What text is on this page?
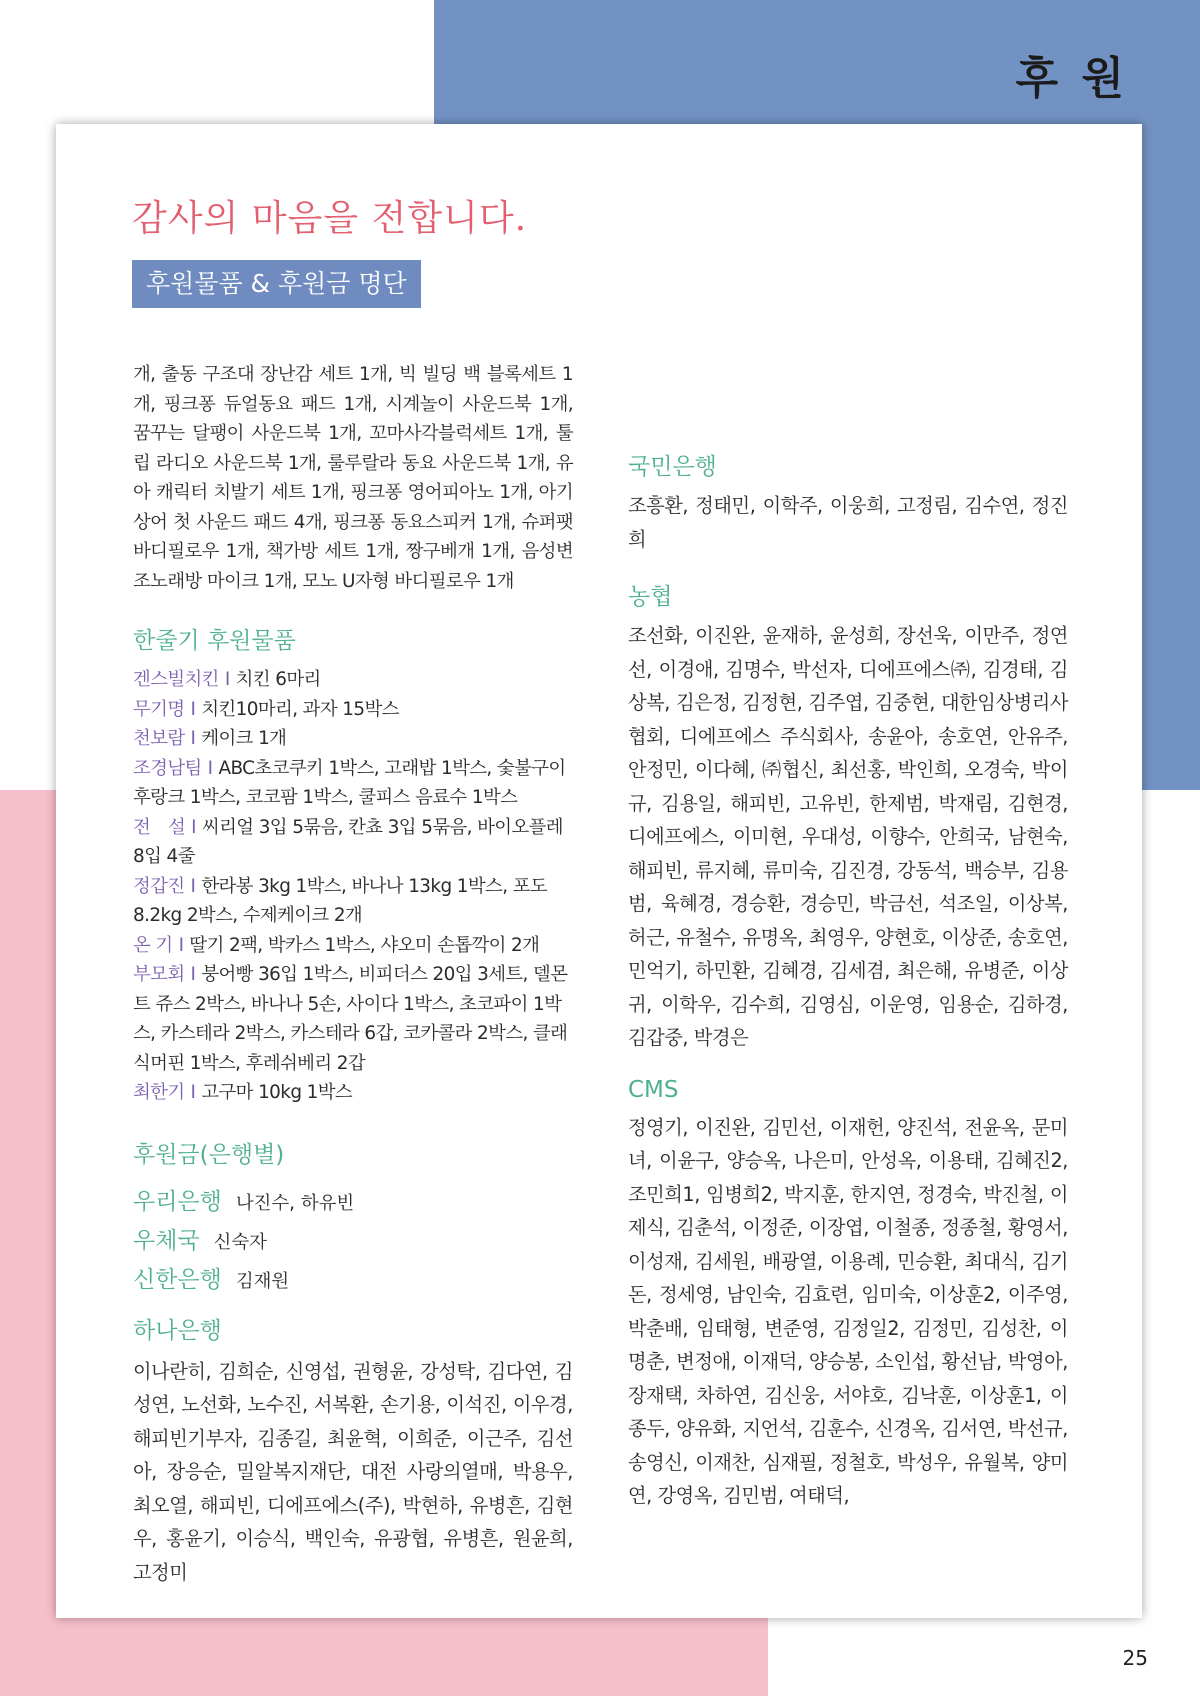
후 원
감사의 마음을 전합니다.
후원물품 & 후원금 명단

개, 출동 구조대 장난감 세트 1개, 빅 빌딩 백 블록세트 1개, 핑크퐁 듀얼동요 패드 1개, 시계놀이 사운드북 1개, 꿈꾸는 달팽이 사운드북 1개, 꼬마사각블럭세트 1개, 툴립 라디오 사운드북 1개, 룰루랄라 동요 사운드북 1개, 유아 캐릭터 치발기 세트 1개, 핑크퐁 영어피아노 1개, 아기상어 첫 사운드 패드 4개, 핑크퐁 동요스피커 1개, 슈퍼팻 바디필로우 1개, 책가방 세트 1개, 짱구베개 1개, 음성변조노래방 마이크 1개, 모노 U자형 바디필로우 1개

한줄기 후원물품
겐스빌치킨 I 치킨 6마리
무기명 I 치킨10마리, 과자 15박스
천보람 I 케이크 1개
조경남팀 I ABC초코쿠키 1박스, 고래밥 1박스, 숯불구이 후랑크 1박스, 코코팜 1박스, 쿨피스 음료수 1박스
전　설 I 씨리얼 3입 5묶음, 칸쵸 3입 5묶음, 바이오플레 8입 4줄
정갑진 I 한라봉 3kg 1박스, 바나나 13kg 1박스, 포도 8.2kg 2박스, 수제케이크 2개
온 기 I 딸기 2팩, 박카스 1박스, 샤오미 손톱깍이 2개
부모회 I 붕어빵 36입 1박스, 비피더스 20입 3세트, 델몬트 쥬스 2박스, 바나나 5손, 사이다 1박스, 초코파이 1박스, 카스테라 2박스, 카스테라 6갑, 코카콜라 2박스, 클래식머핀 1박스, 후레쉬베리 2갑
최한기 I 고구마 10kg 1박스
후원금(은행별)
우리은행 나진수, 하유빈
우체국 신숙자
신한은행 김재원
하나은행

이나란히, 김희순, 신영섭, 권형윤, 강성탁, 김다연, 김성연, 노선화, 노수진, 서복환, 손기용, 이석진, 이우경, 해피빈기부자, 김종길, 최윤혁, 이희준, 이근주, 김선아, 장응순, 밀알복지재단, 대전 사랑의열매, 박용우, 최오열, 해피빈, 디에프에스(주), 박현하, 유병흔, 김현우, 홍윤기, 이승식, 백인숙, 유광협, 유병흔, 원윤희, 고정미

국민은행

조흥환, 정태민, 이학주, 이웅희, 고정림, 김수연, 정진희

농협

조선화, 이진완, 윤재하, 윤성희, 장선욱, 이만주, 정연선, 이경애, 김명수, 박선자, 디에프에스㈜, 김경태, 김상복, 김은정, 김정현, 김주엽, 김중현, 대한임상병리사협회, 디에프에스 주식회사, 송윤아, 송호연, 안유주, 안정민, 이다혜, ㈜협신, 최선홍, 박인희, 오경숙, 박이규, 김용일, 해피빈, 고유빈, 한제범, 박재림, 김현경, 디에프에스, 이미현, 우대성, 이향수, 안희국, 남현숙, 해피빈, 류지혜, 류미숙, 김진경, 강동석, 백승부, 김용범, 육혜경, 경승환, 경승민, 박금선, 석조일, 이상복, 허근, 유철수, 유명옥, 최영우, 양현호, 이상준, 송호연, 민억기, 하민환, 김혜경, 김세겸, 최은해, 유병준, 이상귀, 이학우, 김수희, 김영심, 이운영, 임용순, 김하경, 김갑중, 박경은

CMS

정영기, 이진완, 김민선, 이재헌, 양진석, 전윤옥, 문미녀, 이윤구, 양승옥, 나은미, 안성옥, 이용태, 김혜진2, 조민희1, 임병희2, 박지훈, 한지연, 정경숙, 박진철, 이제식, 김춘석, 이정준, 이장엽, 이철종, 정종철, 황영서, 이성재, 김세원, 배광열, 이용례, 민승환, 최대식, 김기돈, 정세영, 남인숙, 김효련, 임미숙, 이상훈2, 이주영, 박춘배, 임태형, 변준영, 김정일2, 김정민, 김성찬, 이명춘, 변정애, 이재덕, 양승봉, 소인섭, 황선남, 박영아, 장재택, 차하연, 김신웅, 서야호, 김낙훈, 이상훈1, 이종두, 양유화, 지언석, 김훈수, 신경옥, 김서연, 박선규, 송영신, 이재찬, 심재필, 정철호, 박성우, 유월복, 양미연, 강영옥, 김민범, 여태덕,

25
